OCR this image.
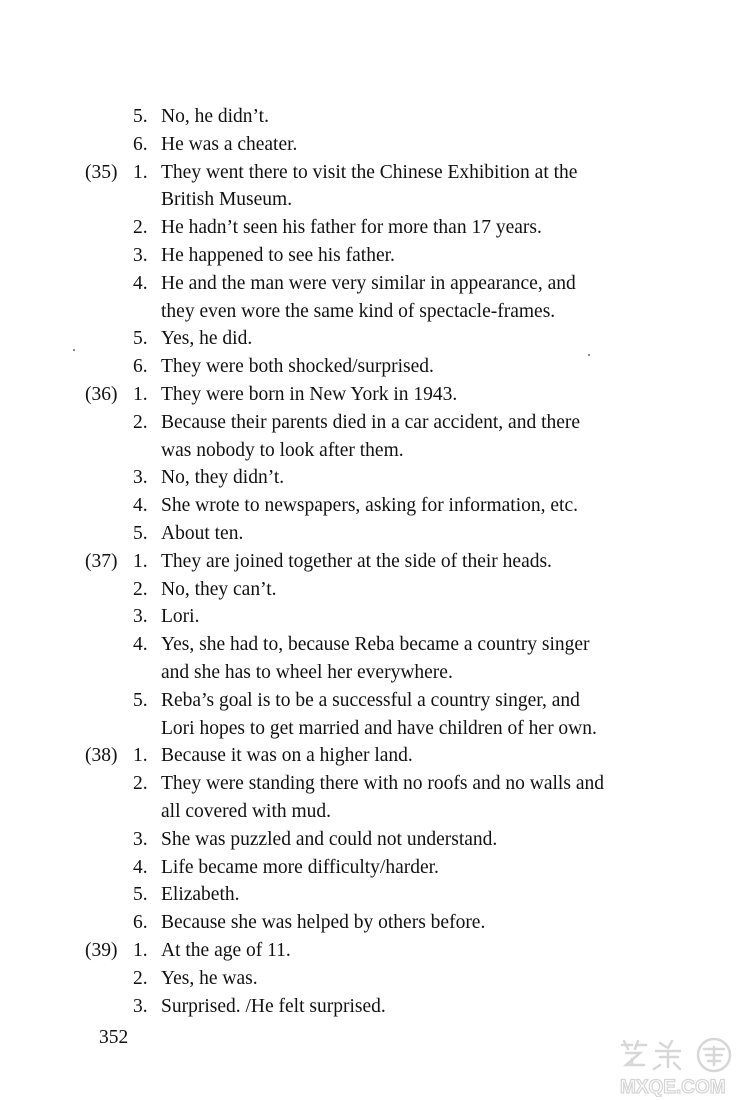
5. No, he didn’t.
6. He was a cheater.
(35) 1. They went there to visit the Chinese Exhibition at the
British Museum.
2. He hadn’t seen his father for more than 17 years.
3. He happened to see his father.
4. He and the man were very similar in appearance, and
they even wore the same kind of spectacle-frames.
5. Yes, he did.
6. They were both shocked/surprised.
(36) 1. They were born in New York in 1943.
2. Because their parents died in a car accident, and there
was nobody to look after them.
3. No, they didn’t.
4. She wrote to newspapers, asking for information, etc.
5. About ten.
(37) 1. They are joined together at the side of their heads.
2. No, they can’t.
3. Lori.
4. Yes, she had to, because Reba became a country singer
and she has to wheel her everywhere.
5. Reba’s goal is to be a successful a country singer, and
Lori hopes to get married and have children of her own.
(38) 1. Because it was on a higher land.
2. They were standing there with no roofs and no walls and
all covered with mud.
3. She was puzzled and could not understand.
4. Life became more difficulty/harder.
5. Elizabeth.
6. Because she was helped by others before.
(39) 1. At the age of 11.
2. Yes, he was.
3. Surprised. /He felt surprised.
352
MXQE.COM
